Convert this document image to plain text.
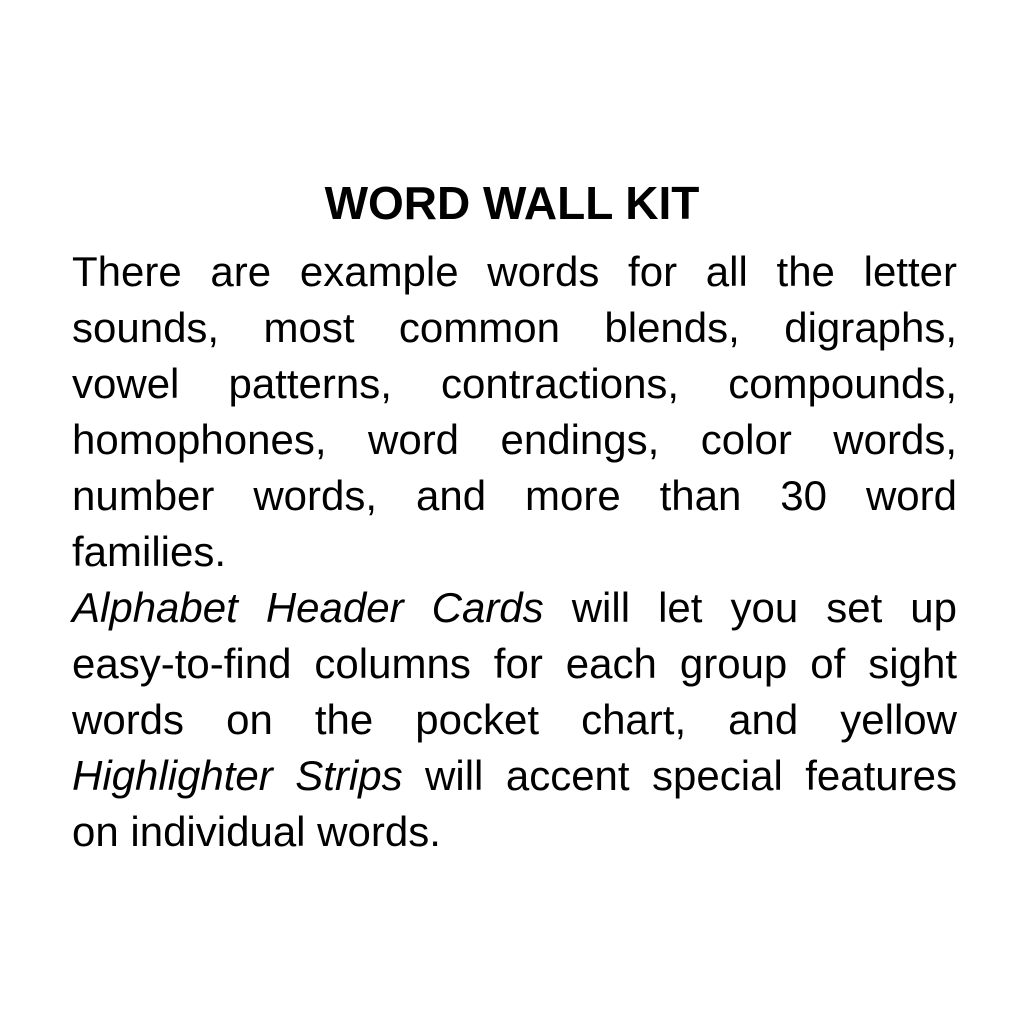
WORD WALL KIT
There are example words for all the letter
sounds, most common blends, digraphs,
vowel patterns, contractions, compounds,
homophones, word endings, color words,
number words, and more than 30 word
families.
Alphabet Header Cards will let you set up
easy-to-find columns for each group of sight
words on the pocket chart, and yellow
Highlighter Strips will accent special features
on individual words.
